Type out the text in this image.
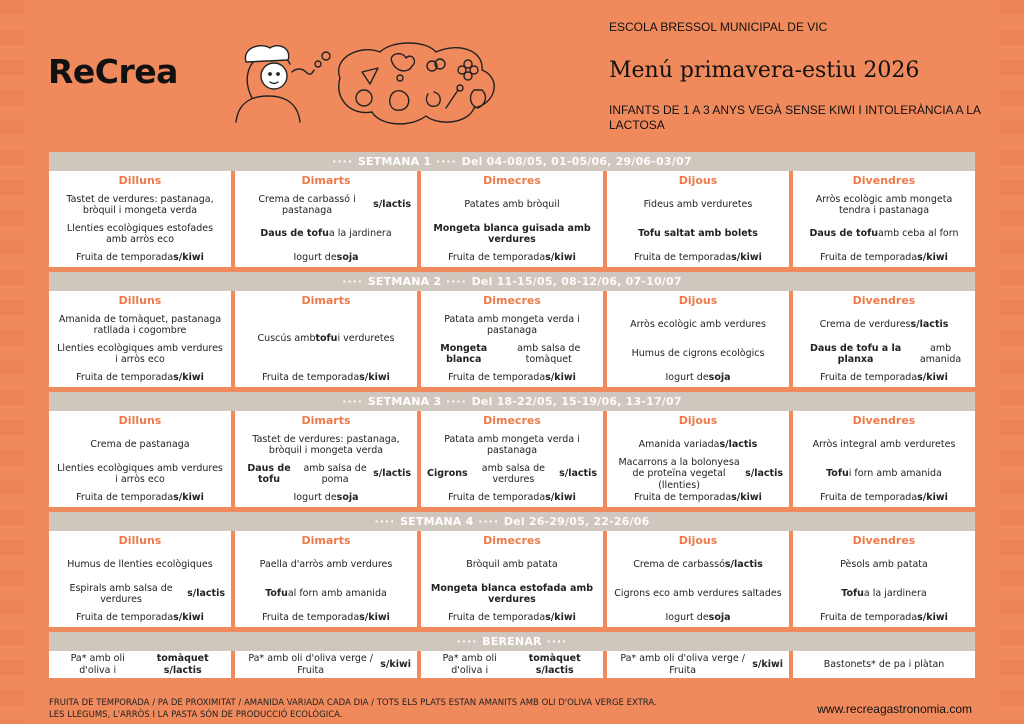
ReCrea
ESCOLA BRESSOL MUNICIPAL DE VIC
Menú primavera-estiu 2026
INFANTS DE 1 A 3 ANYS VEGÀ SENSE KIWI I INTOLERÀNCIA A LA LACTOSA
···· SETMANA 1 ···· Del 04-08/05, 01-05/06, 29/06-03/07
Dilluns
Tastet de verdures: pastanaga, bròquil i mongeta verda
Llenties ecològiques estofades amb arròs eco
Fruita de temporada s/kiwi
Dimarts
Crema de carbassó i pastanaga
s/lactis
Daus de tofu a la jardinera
Iogurt de soja
Dimecres
Patates amb bròquil
Mongeta blanca guisada amb verdures
Fruita de temporada s/kiwi
Dijous
Fideus amb verduretes
Tofu saltat amb bolets
Fruita de temporada s/kiwi
Divendres
Arròs ecològic amb mongeta tendra i pastanaga
Daus de tofu amb ceba al forn
Fruita de temporada s/kiwi
···· SETMANA 2 ···· Del 11-15/05, 08-12/06, 07-10/07
Dilluns
Amanida de tomàquet, pastanaga ratllada i cogombre
Llenties ecològiques amb verdures i arròs eco
Fruita de temporada s/kiwi
Dimarts
Cuscús amb tofu i verduretes
Fruita de temporada s/kiwi
Dimecres
Patata amb mongeta verda i pastanaga
Mongeta blanca
amb salsa de tomàquet
Fruita de temporada s/kiwi
Dijous
Arròs ecològic amb verdures
Humus de cigrons ecològics
Iogurt de soja
Divendres
Crema de verdures s/lactis
Daus de tofu a la planxa
amb amanida
Fruita de temporada s/kiwi
···· SETMANA 3 ···· Del 18-22/05, 15-19/06, 13-17/07
Dilluns
Crema de pastanaga
Llenties ecològiques amb verdures i arròs eco
Fruita de temporada s/kiwi
Dimarts
Tastet de verdures: pastanaga, bròquil i mongeta verda
Daus de tofu
amb salsa de poma
s/lactis
Iogurt de soja
Dimecres
Patata amb mongeta verda i pastanaga
Cigrons
amb salsa de verdures
s/lactis
Fruita de temporada s/kiwi
Dijous
Amanida variada s/lactis
Macarrons a la bolonyesa de proteïna vegetal (llenties)
s/lactis
Fruita de temporada s/kiwi
Divendres
Arròs integral amb verduretes
Tofu i forn amb amanida
Fruita de temporada s/kiwi
···· SETMANA 4 ···· Del 26-29/05, 22-26/06
Dilluns
Humus de llenties ecològiques
Espirals amb salsa de verdures
s/lactis
Fruita de temporada s/kiwi
Dimarts
Paella d'arròs amb verdures
Tofu al forn amb amanida
Fruita de temporada s/kiwi
Dimecres
Bròquil amb patata
Mongeta blanca estofada amb verdures
Fruita de temporada s/kiwi
Dijous
Crema de carbassó s/lactis
Cigrons eco amb verdures saltades
Iogurt de soja
Divendres
Pèsols amb patata
Tofu a la jardinera
Fruita de temporada s/kiwi
···· BERENAR ····
Pa* amb oli d'oliva i
tomàquet s/lactis
Pa* amb oli d'oliva verge / Fruita
s/kiwi
Pa* amb oli d'oliva i
tomàquet s/lactis
Pa* amb oli d'oliva verge / Fruita
s/kiwi	Bastonets* de pa i plàtan
FRUITA DE TEMPORADA / PA DE PROXIMITAT / AMANIDA VARIADA CADA DIA / TOTS ELS PLATS ESTAN AMANITS AMB OLI D'OLIVA VERGE EXTRA.
LES LLEGUMS, L'ARRÒS I LA PASTA SÓN DE PRODUCCIÓ ECOLÒGICA.	www.recreagastronomia.com
